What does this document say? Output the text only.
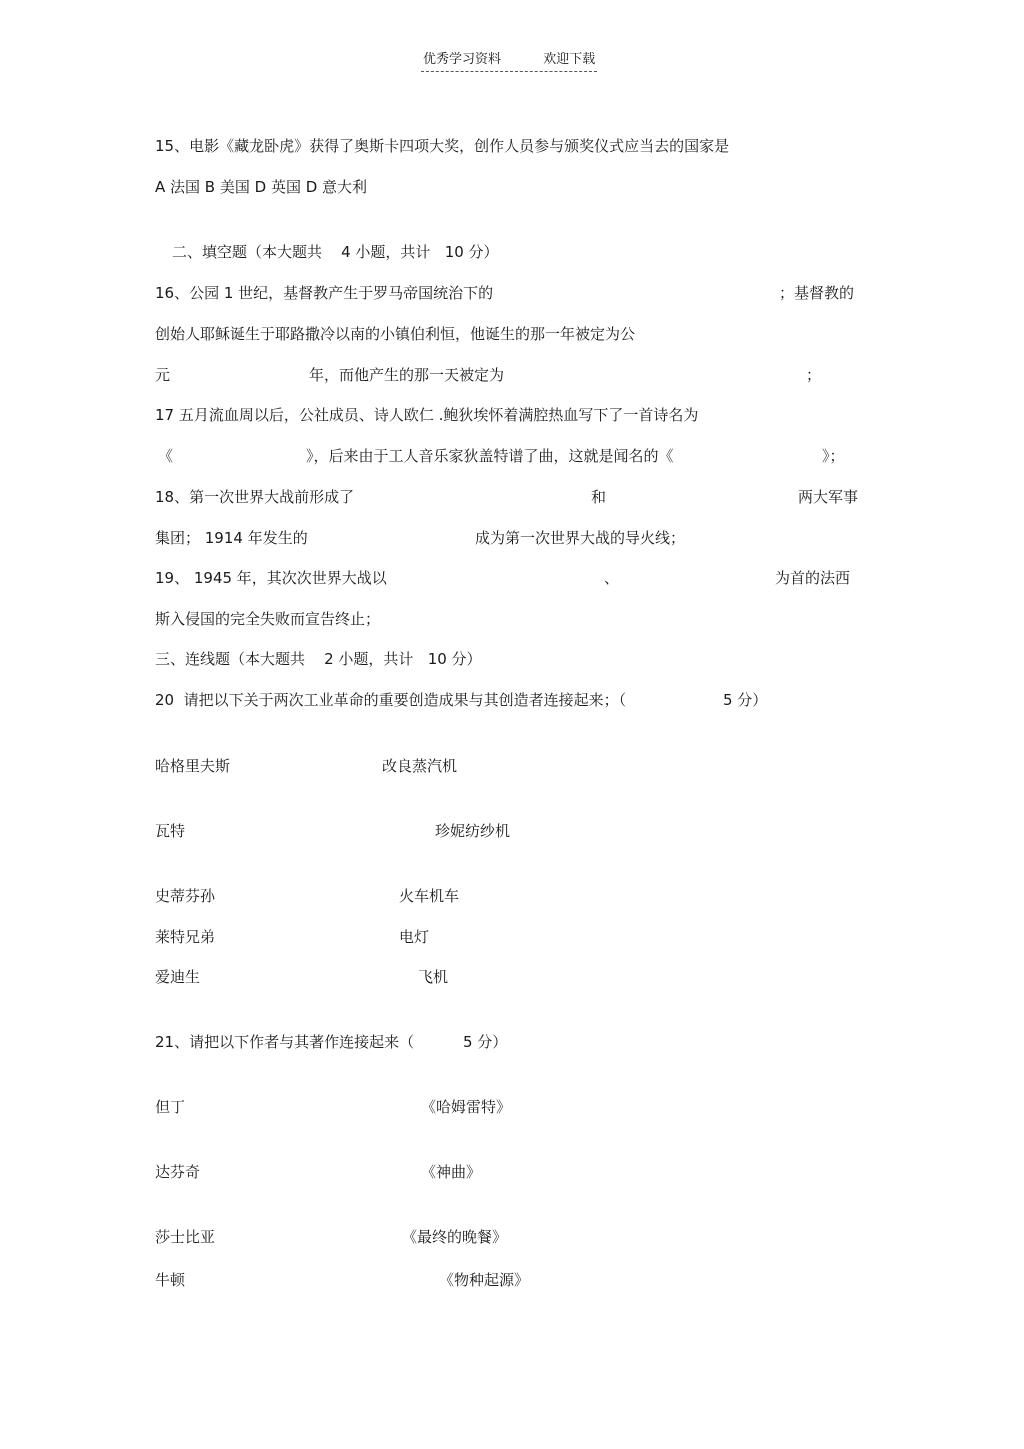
优秀学习资料	欢迎下载
15、电影《藏龙卧虎》获得了奥斯卡四项大奖，创作人员参与颁奖仪式应当去的国家是
A 法国 B 美国 D 英国 D 意大利
二、填空题（本大题共    4 小题，共计   10 分）
16、公园 1 世纪，基督教产生于罗马帝国统治下的	；基督教的
创始人耶稣诞生于耶路撒冷以南的小镇伯利恒，他诞生的那一年被定为公
元	年，而他产生的那一天被定为	；
17 五月流血周以后，公社成员、诗人欧仁 .鲍狄埃怀着满腔热血写下了一首诗名为
《	》，后来由于工人音乐家狄盖特谱了曲，这就是闻名的《	》；
18、第一次世界大战前形成了	和	两大军事
集团； 1914 年发生的	成为第一次世界大战的导火线；
19、 1945 年，其次次世界大战以	、	为首的法西
斯入侵国的完全失败而宣告终止；
三、连线题（本大题共    2 小题，共计   10 分）
20  请把以下关于两次工业革命的重要创造成果与其创造者连接起来；（	5 分）
哈格里夫斯	改良蒸汽机
瓦特	珍妮纺纱机
史蒂芬孙	火车机车
莱特兄弟	电灯
爱迪生	飞机
21、请把以下作者与其著作连接起来（	5 分）
但丁	《哈姆雷特》
达芬奇	《神曲》
莎士比亚	《最终的晚餐》
牛顿	《物种起源》
